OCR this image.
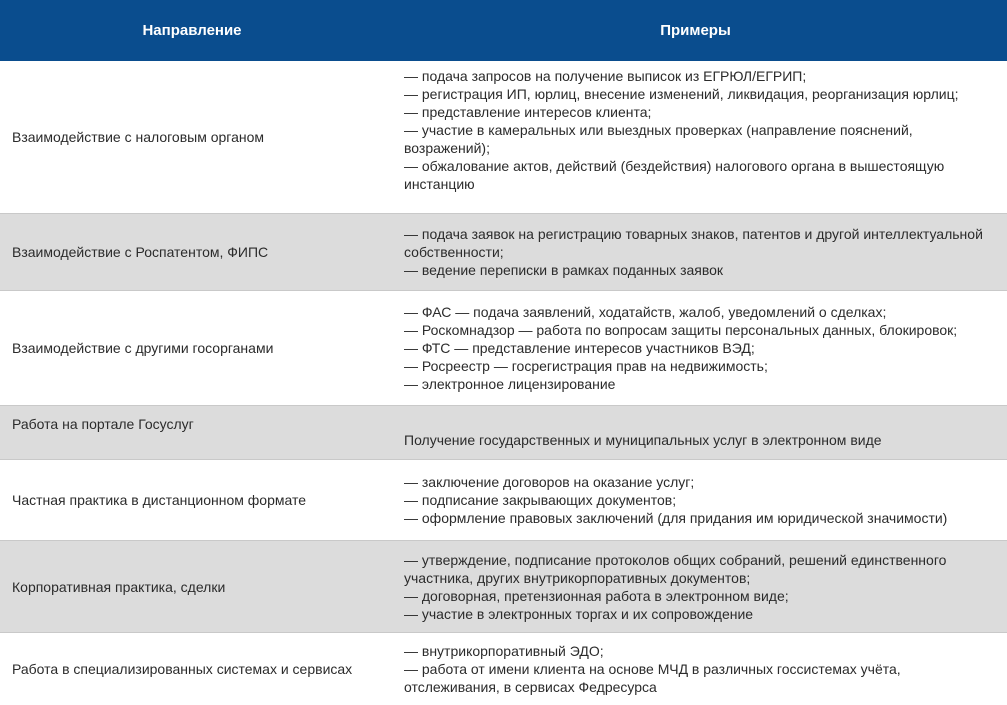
Направление	Примеры
Взаимодействие с налоговым органом
— подача запросов на получение выписок из ЕГРЮЛ/ЕГРИП;
— регистрация ИП, юрлиц, внесение изменений, ликвидация, реорганизация юрлиц;
— представление интересов клиента;
— участие в камеральных или выездных проверках (направление пояснений,
возражений);
— обжалование актов, действий (бездействия) налогового органа в вышестоящую
инстанцию
Взаимодействие с Роспатентом, ФИПС
— подача заявок на регистрацию товарных знаков, патентов и другой интеллектуальной
собственности;
— ведение переписки в рамках поданных заявок
Взаимодействие с другими госорганами
— ФАС — подача заявлений, ходатайств, жалоб, уведомлений о сделках;
— Роскомнадзор — работа по вопросам защиты персональных данных, блокировок;
— ФТС — представление интересов участников ВЭД;
— Росреестр — госрегистрация прав на недвижимость;
— электронное лицензирование
Работа на портале Госуслуг
Получение государственных и муниципальных услуг в электронном виде
Частная практика в дистанционном формате
— заключение договоров на оказание услуг;
— подписание закрывающих документов;
— оформление правовых заключений (для придания им юридической значимости)
Корпоративная практика, сделки
— утверждение, подписание протоколов общих собраний, решений единственного
участника, других внутрикорпоративных документов;
— договорная, претензионная работа в электронном виде;
— участие в электронных торгах и их сопровождение
Работа в специализированных системах и сервисах
— внутрикорпоративный ЭДО;
— работа от имени клиента на основе МЧД в различных госсистемах учёта,
отслеживания, в сервисах Федресурса
